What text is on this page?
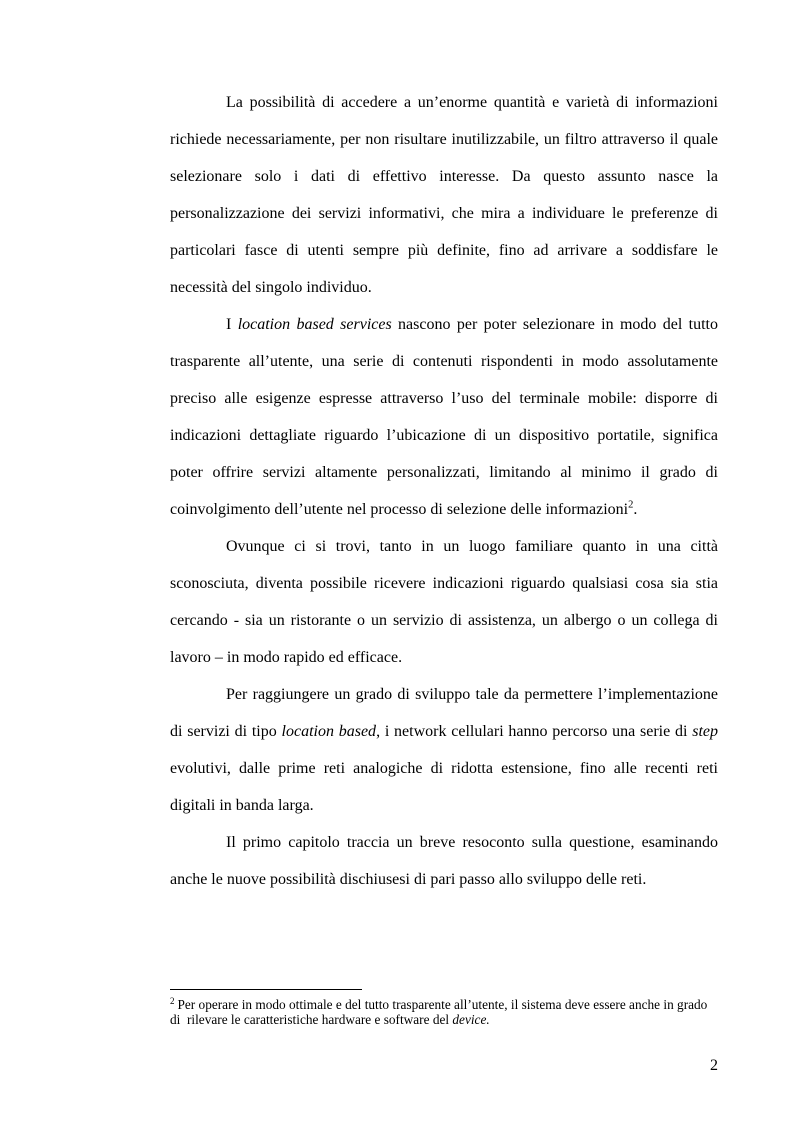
La possibilità di accedere a un’enorme quantità e varietà di informazioni
richiede necessariamente, per non risultare inutilizzabile, un filtro attraverso il quale
selezionare solo i dati di effettivo interesse. Da questo assunto nasce la
personalizzazione dei servizi informativi, che mira a individuare le preferenze di
particolari fasce di utenti sempre più definite, fino ad arrivare a soddisfare le
necessità del singolo individuo.
I location based services nascono per poter selezionare in modo del tutto
trasparente all’utente, una serie di contenuti rispondenti in modo assolutamente
preciso alle esigenze espresse attraverso l’uso del terminale mobile: disporre di
indicazioni dettagliate riguardo l’ubicazione di un dispositivo portatile, significa
poter offrire servizi altamente personalizzati, limitando al minimo il grado di
coinvolgimento dell’utente nel processo di selezione delle informazioni$^2$.
Ovunque ci si trovi, tanto in un luogo familiare quanto in una città
sconosciuta, diventa possibile ricevere indicazioni riguardo qualsiasi cosa sia stia
cercando - sia un ristorante o un servizio di assistenza, un albergo o un collega di
lavoro – in modo rapido ed efficace.
Per raggiungere un grado di sviluppo tale da permettere l’implementazione
di servizi di tipo location based, i network cellulari hanno percorso una serie di step
evolutivi, dalle prime reti analogiche di ridotta estensione, fino alle recenti reti
digitali in banda larga.
Il primo capitolo traccia un breve resoconto sulla questione, esaminando
anche le nuove possibilità dischiusesi di pari passo allo sviluppo delle reti.
$^2$ Per operare in modo ottimale e del tutto trasparente all’utente, il sistema deve essere anche in grado
di  rilevare le caratteristiche hardware e software del device.
2
